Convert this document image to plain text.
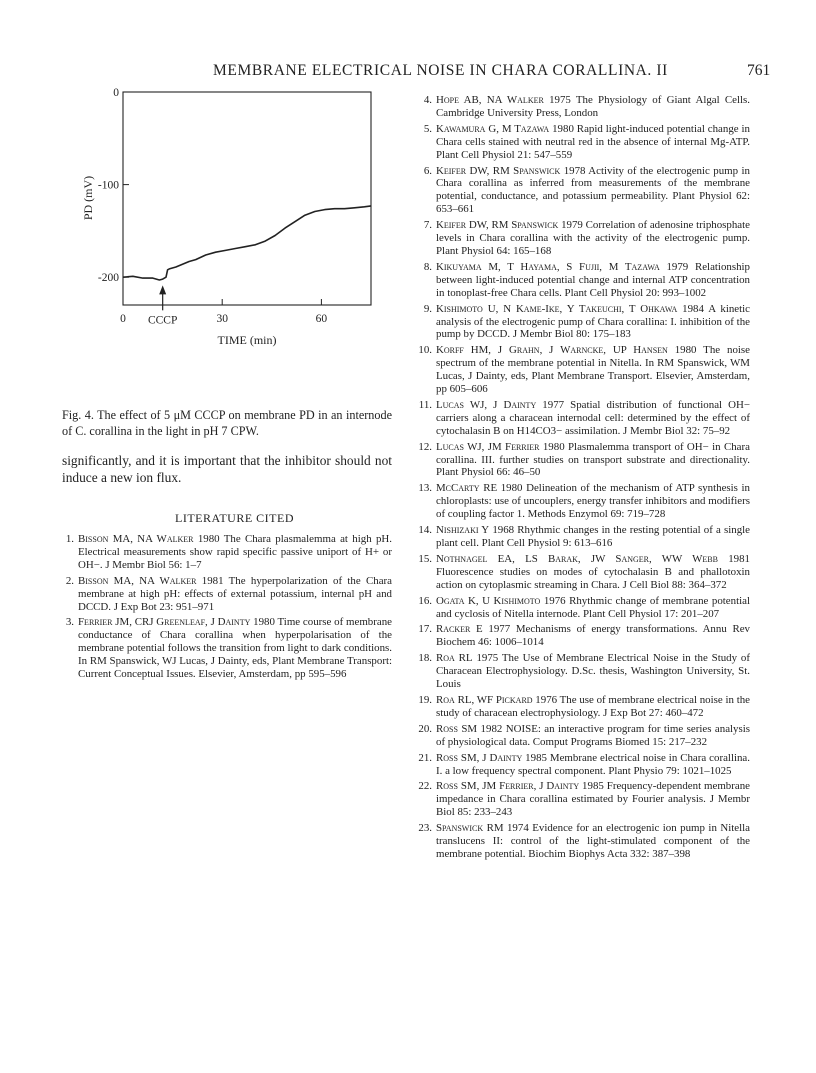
MEMBRANE ELECTRICAL NOISE IN CHARA CORALLINA. II	761
0
-100
-200
0	30	60
CCCP
PD (mV)
TIME (min)
Fig. 4. The effect of 5 μM CCCP on membrane PD in an internode of C. corallina in the light in pH 7 CPW.
significantly, and it is important that the inhibitor should not induce a new ion flux.
LITERATURE CITED
1. Bisson MA, NA Walker 1980 The Chara plasmalemma at high pH. Electrical measurements show rapid specific passive uniport of H+ or OH−. J Membr Biol 56: 1–7
2. Bisson MA, NA Walker 1981 The hyperpolarization of the Chara membrane at high pH: effects of external potassium, internal pH and DCCD. J Exp Bot 23: 951–971
3. Ferrier JM, CRJ Greenleaf, J Dainty 1980 Time course of membrane conductance of Chara corallina when hyperpolarisation of the membrane potential follows the transition from light to dark conditions. In RM Spanswick, WJ Lucas, J Dainty, eds, Plant Membrane Transport: Current Conceptual Issues. Elsevier, Amsterdam, pp 595–596
4. Hope AB, NA Walker 1975 The Physiology of Giant Algal Cells. Cambridge University Press, London
5. Kawamura G, M Tazawa 1980 Rapid light-induced potential change in Chara cells stained with neutral red in the absence of internal Mg-ATP. Plant Cell Physiol 21: 547–559
6. Keifer DW, RM Spanswick 1978 Activity of the electrogenic pump in Chara corallina as inferred from measurements of the membrane potential, conductance, and potassium permeability. Plant Physiol 62: 653–661
7. Keifer DW, RM Spanswick 1979 Correlation of adenosine triphosphate levels in Chara corallina with the activity of the electrogenic pump. Plant Physiol 64: 165–168
8. Kikuyama M, T Hayama, S Fujii, M Tazawa 1979 Relationship between light-induced potential change and internal ATP concentration in tonoplast-free Chara cells. Plant Cell Physiol 20: 993–1002
9. Kishimoto U, N Kame-Ike, Y Takeuchi, T Ohkawa 1984 A kinetic analysis of the electrogenic pump of Chara corallina: I. inhibition of the pump by DCCD. J Membr Biol 80: 175–183
10. Korff HM, J Grahn, J Warncke, UP Hansen 1980 The noise spectrum of the membrane potential in Nitella. In RM Spanswick, WM Lucas, J Dainty, eds, Plant Membrane Transport. Elsevier, Amsterdam, pp 605–606
11. Lucas WJ, J Dainty 1977 Spatial distribution of functional OH− carriers along a characean internodal cell: determined by the effect of cytochalasin B on H14CO3− assimilation. J Membr Biol 32: 75–92
12. Lucas WJ, JM Ferrier 1980 Plasmalemma transport of OH− in Chara corallina. III. further studies on transport substrate and directionality. Plant Physiol 66: 46–50
13. McCarty RE 1980 Delineation of the mechanism of ATP synthesis in chloroplasts: use of uncouplers, energy transfer inhibitors and modifiers of coupling factor 1. Methods Enzymol 69: 719–728
14. Nishizaki Y 1968 Rhythmic changes in the resting potential of a single plant cell. Plant Cell Physiol 9: 613–616
15. Nothnagel EA, LS Barak, JW Sanger, WW Webb 1981 Fluorescence studies on modes of cytochalasin B and phallotoxin action on cytoplasmic streaming in Chara. J Cell Biol 88: 364–372
16. Ogata K, U Kishimoto 1976 Rhythmic change of membrane potential and cyclosis of Nitella internode. Plant Cell Physiol 17: 201–207
17. Racker E 1977 Mechanisms of energy transformations. Annu Rev Biochem 46: 1006–1014
18. Roa RL 1975 The Use of Membrane Electrical Noise in the Study of Characean Electrophysiology. D.Sc. thesis, Washington University, St. Louis
19. Roa RL, WF Pickard 1976 The use of membrane electrical noise in the study of characean electrophysiology. J Exp Bot 27: 460–472
20. Ross SM 1982 NOISE: an interactive program for time series analysis of physiological data. Comput Programs Biomed 15: 217–232
21. Ross SM, J Dainty 1985 Membrane electrical noise in Chara corallina. I. a low frequency spectral component. Plant Physio 79: 1021–1025
22. Ross SM, JM Ferrier, J Dainty 1985 Frequency-dependent membrane impedance in Chara corallina estimated by Fourier analysis. J Membr Biol 85: 233–243
23. Spanswick RM 1974 Evidence for an electrogenic ion pump in Nitella translucens II: control of the light-stimulated component of the membrane potential. Biochim Biophys Acta 332: 387–398
